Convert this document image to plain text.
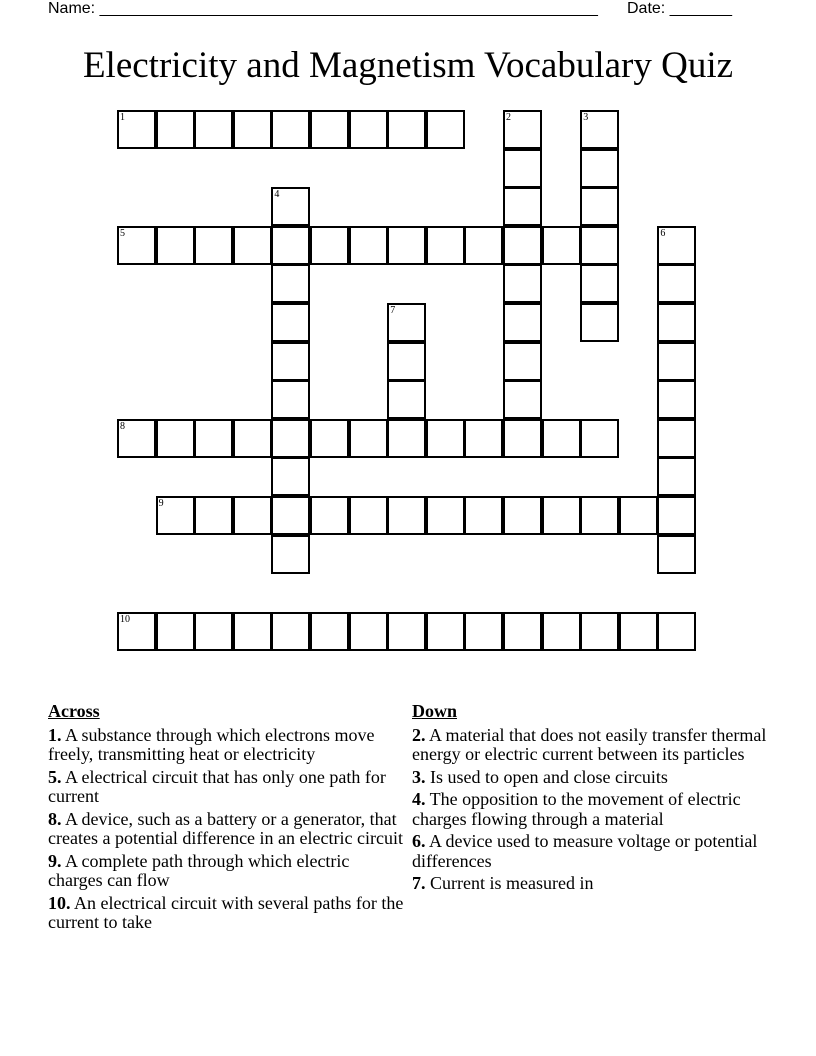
Name: ________________________________________________________ Date: _______
Electricity and Magnetism Vocabulary Quiz
1	2	3
4
5	6
7
8
9
10
Across
1. A substance through which electrons move freely, transmitting heat or electricity
5. A electrical circuit that has only one path for current
8. A device, such as a battery or a generator, that creates a potential difference in an electric circuit
9. A complete path through which electric charges can flow
10. An electrical circuit with several paths for the current to take
Down
2. A material that does not easily transfer thermal energy or electric current between its particles
3. Is used to open and close circuits
4. The opposition to the movement of electric charges flowing through a material
6. A device used to measure voltage or potential differences
7. Current is measured in
